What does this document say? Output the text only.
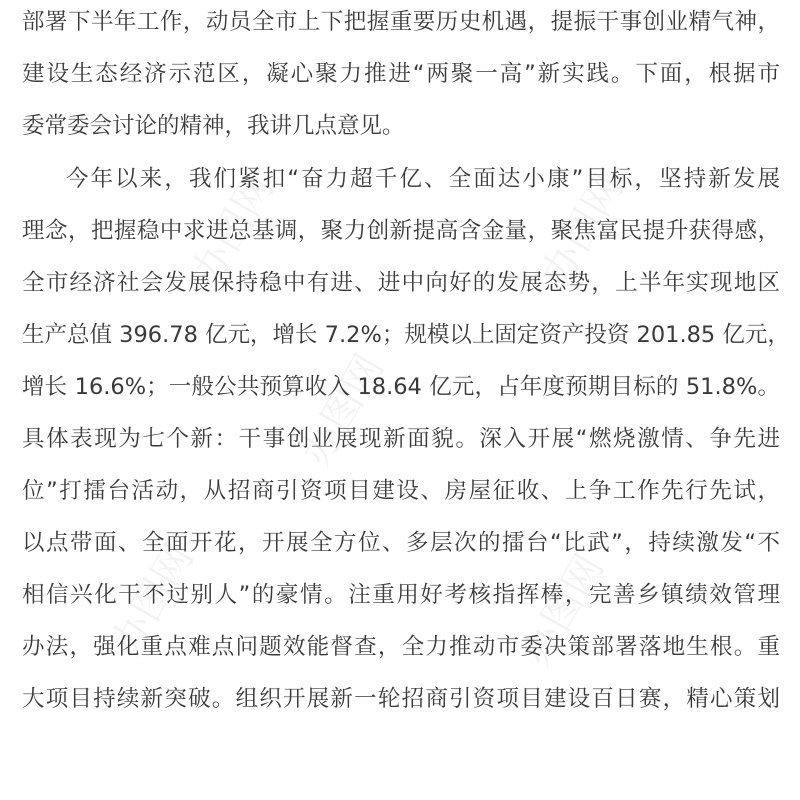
办图网	办图网
办图网
办图网	办图网
部署下半年工作，动员全市上下把握重要历史机遇，提振干事创业精气神，
建设生态经济示范区，凝心聚力推进“两聚一高”新实践。下面，根据市
委常委会讨论的精神，我讲几点意见。
今年以来，我们紧扣“奋力超千亿、全面达小康”目标，坚持新发展
理念，把握稳中求进总基调，聚力创新提高含金量，聚焦富民提升获得感，
全市经济社会发展保持稳中有进、进中向好的发展态势，上半年实现地区
生产总值 396.78 亿元，增长 7.2%；规模以上固定资产投资 201.85 亿元，
增长 16.6%；一般公共预算收入 18.64 亿元，占年度预期目标的 51.8%。
具体表现为七个新：干事创业展现新面貌。深入开展“燃烧激情、争先进
位”打擂台活动，从招商引资项目建设、房屋征收、上争工作先行先试，
以点带面、全面开花，开展全方位、多层次的擂台“比武”，持续激发“不
相信兴化干不过别人”的豪情。注重用好考核指挥棒，完善乡镇绩效管理
办法，强化重点难点问题效能督查，全力推动市委决策部署落地生根。重
大项目持续新突破。组织开展新一轮招商引资项目建设百日赛，精心策划
